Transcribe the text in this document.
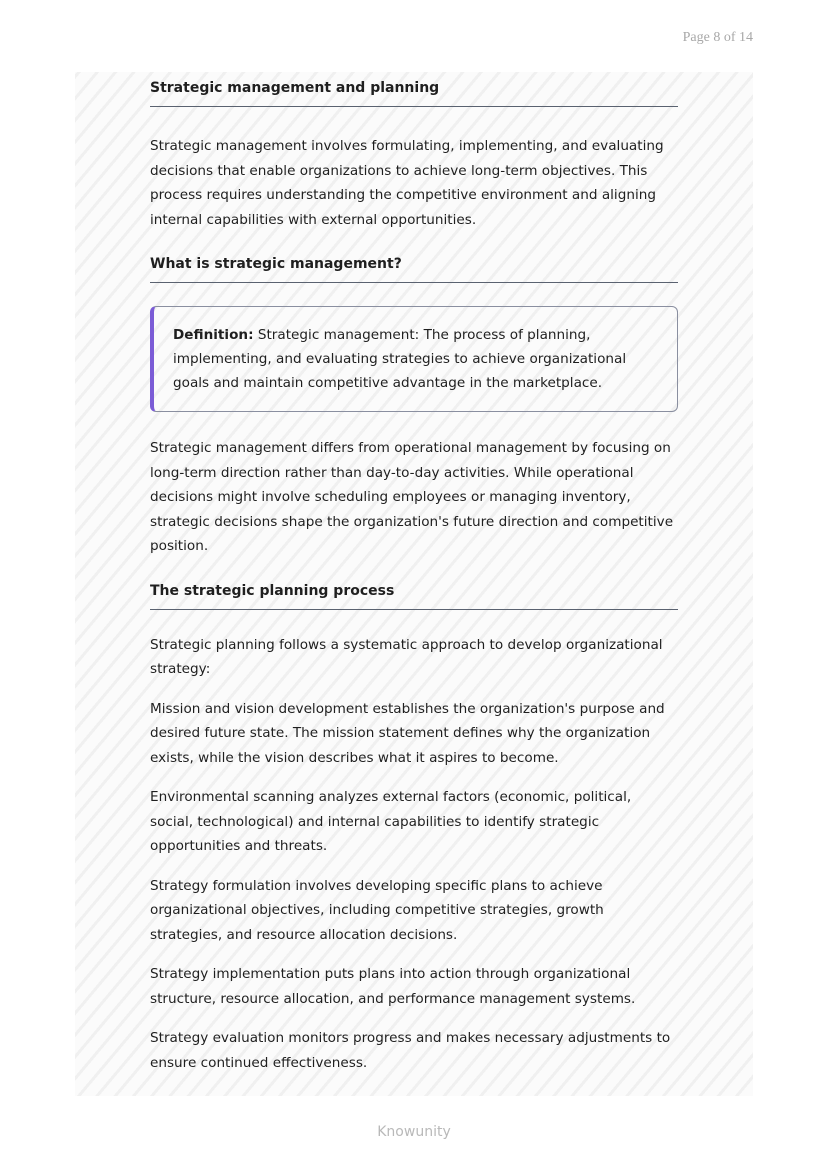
Page 8 of 14
Strategic management and planning

Strategic management involves formulating, implementing, and evaluating decisions that enable organizations to achieve long-term objectives. This process requires understanding the competitive environment and aligning internal capabilities with external opportunities.

What is strategic management?
Definition: Strategic management: The process of planning, implementing, and evaluating strategies to achieve organizational goals and maintain competitive advantage in the marketplace.

Strategic management differs from operational management by focusing on long-term direction rather than day-to-day activities. While operational decisions might involve scheduling employees or managing inventory, strategic decisions shape the organization's future direction and competitive position.

The strategic planning process

Strategic planning follows a systematic approach to develop organizational strategy:

Mission and vision development establishes the organization's purpose and desired future state. The mission statement defines why the organization exists, while the vision describes what it aspires to become.

Environmental scanning analyzes external factors (economic, political, social, technological) and internal capabilities to identify strategic opportunities and threats.

Strategy formulation involves developing specific plans to achieve organizational objectives, including competitive strategies, growth strategies, and resource allocation decisions.

Strategy implementation puts plans into action through organizational structure, resource allocation, and performance management systems.

Strategy evaluation monitors progress and makes necessary adjustments to ensure continued effectiveness.

Knowunity
